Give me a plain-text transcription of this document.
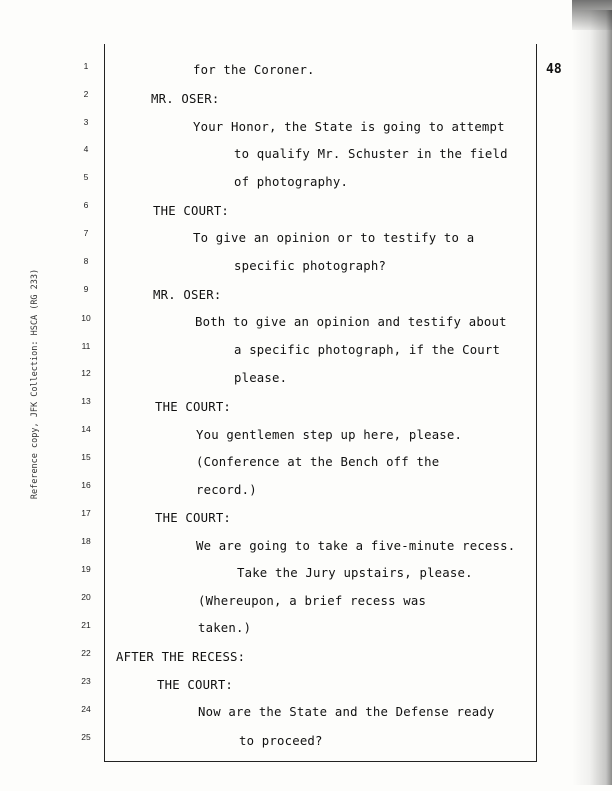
48
Reference copy, JFK Collection: HSCA (RG 233)
1
2
3
4
5
6
7
8
9
10
11
12
13
14
15
16
17
18
19
20
21
22
23
24
25
for the Coroner.
MR. OSER:
Your Honor, the State is going to attempt
to qualify Mr. Schuster in the field
of photography.
THE COURT:
To give an opinion or to testify to a
specific photograph?
MR. OSER:
Both to give an opinion and testify about
a specific photograph, if the Court
please.
THE COURT:
You gentlemen step up here, please.
(Conference at the Bench off the
record.)
THE COURT:
We are going to take a five-minute recess.
Take the Jury upstairs, please.
(Whereupon, a brief recess was
taken.)
AFTER THE RECESS:
THE COURT:
Now are the State and the Defense ready
to proceed?
